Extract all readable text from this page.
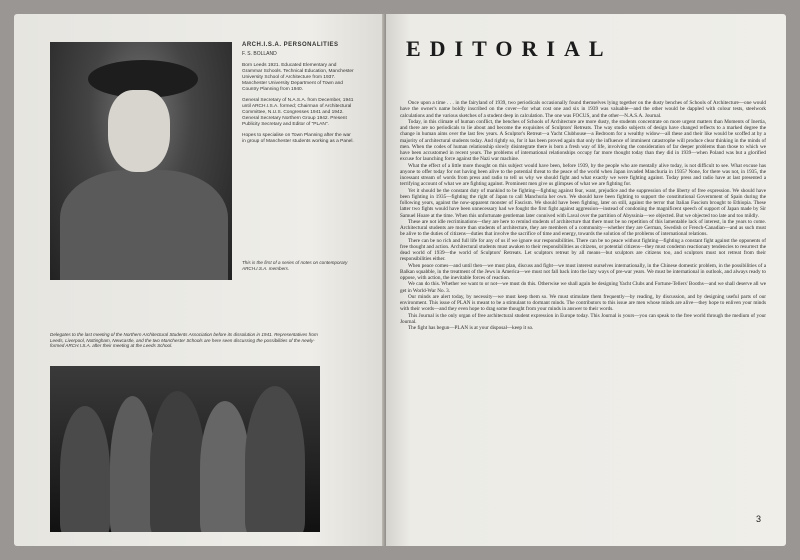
ARCH.I.S.A. PERSONALITIES
F. S. BOLLAND

Born Leeds 1921. Educated Elementary and Grammar Schools. Technical Education, Manchester University School of Architecture from 1937. Manchester University Department of Town and Country Planning from 1940.

General Secretary of N.A.S.A. from December, 1941 until ARCH.I.S.A. formed; Chairman of Architectural Committee, N.U.S. Congresses 1941 and 1942. General Secretary Northern Group 1942. Present Publicity Secretary and Editor of "PLAN".

Hopes to specialise on Town Planning after the war in group of Manchester students working as a Panel.

This is the first of a series of notes on contemporary ARCH.I.S.A. members.
Delegates to the last meeting of the Northern Architectural Students Association before its dissolution in 1941. Representatives from Leeds, Liverpool, Nottingham, Newcastle, and the two Manchester Schools are here seen discussing the possibilities of the newly-formed ARCH.I.S.A. after their meeting at the Leeds School.
EDITORIAL

Once upon a time . . . in the fairyland of 1939, two periodicals occasionally found themselves lying together on the dusty benches of Schools of Architecture—one would have the owner's name boldly inscribed on the cover—for what cost one and six in 1939 was valuable—and the other would be dappled with colour tests, steelwork calculations and the various sketches of a student deep in calculation. The one was FOCUS, and the other—N.A.S.A. Journal.

Today, in this climate of human conflict, the benches of Schools of Architecture are more dusty, the students concentrate on more urgent matters than Moments of Inertia, and there are no periodicals to lie about and become the exquisites of Sculptors' Retreats. The way studio subjects of design have changed reflects to a marked degree the change in human aims over the last few years. A Sculptor's Retreat—a Yacht Clubhouse—a Bedroom for a wealthy widow—all these and their like would be scoffed at by a majority of architectural students today. And rightly so, for it has been proved again that only the influence of imminent catastrophe will produce clear thinking in the minds of men. When the codes of human relationship slowly disintegrate there is born a fresh way of life, involving the consideration of far deeper problems than those to which we have been accustomed in recent years. The problems of international relationships occupy far more thought today than they did in 1939—when Poland was but a glorified excuse for launching force against the Nazi war machine.

What the effect of a little more thought on this subject would have been, before 1939, by the people who are mentally alive today, is not difficult to see. What excuse has anyone to offer today for not having been alive to the potential threat to the peace of the world when Japan invaded Manchuria in 1935? None, for there was not, in 1935, the incessant stream of words from press and radio to tell us why we should fight and what exactly we were fighting against. Today press and radio have at last presented a terrifying account of what we are fighting against. Prominent men give us glimpses of what we are fighting for.

Yet it should be the constant duty of mankind to be fighting—fighting against fear, want, prejudice and the suppression of the liberty of free expression. We should have been fighting in 1935—fighting the right of Japan to call Manchuria her own. We should have been fighting to support the constitutional Government of Spain during the following years, against the now-apparent monster of Fascism. We should have been fighting, later on still, against the terror that Italian Fascism brought to Ethiopia. These latter two fights would have been unnecessary had we fought the first fight against aggression—instead of condoning the magnificent speech of support of Japan made by Sir Samuel Hoare at the time. When this unfortunate gentleman later connived with Laval over the partition of Abyssinia—we objected. But we objected too late and too mildly.

These are not idle recriminations—they are here to remind students of architecture that there must be no repetition of this lamentable lack of interest, in the years to come. Architectural students are more than students of architecture, they are members of a community—whether they are German, Swedish or French-Canadian—and as such must be alive to the duties of citizens—duties that involve the sacrifice of time and energy, towards the solution of the problems of international relations.

There can be no rich and full life for any of us if we ignore our responsibilities. There can be no peace without fighting—fighting a constant fight against the opponents of free thought and action. Architectural students must awaken to their responsibilities as citizens, or potential citizens—they must condemn reactionary tendencies to resurrect the dead world of 1939—the world of Sculptors' Retreats. Let sculptors retreat by all means—but sculptors are citizens too, and sculptors must not retreat from their responsibilities either.

When peace comes—and until then—we must plan, discuss and fight—we must interest ourselves internationally, in the Chinese domestic problem, in the possibilities of a Balkan squabble, in the treatment of the Jews in America—we must not fall back into the lazy ways of pre-war years. We must be international in outlook, and always ready to oppose, with action, the inevitable forces of reaction.

We can do this. Whether we want to or not—we must do this. Otherwise we shall again be designing Yacht Clubs and Fortune-Tellers' Booths—and we shall deserve all we get in World-War No. 3.

Our minds are alert today, by necessity—we must keep them so. We must stimulate them frequently—by reading, by discussion, and by designing useful parts of our environment. This issue of PLAN is meant to be a stimulant to dormant minds. The contributors to this issue are men whose minds are alive—they hope to enliven your minds with their words—and they even hope to drag some thought from your minds in answer to their words.

This Journal is the only organ of free architectural student expression in Europe today. This Journal is yours—you can speak to the free world through the medium of your Journal.

The fight has begun—PLAN is at your disposal—keep it so.

3
